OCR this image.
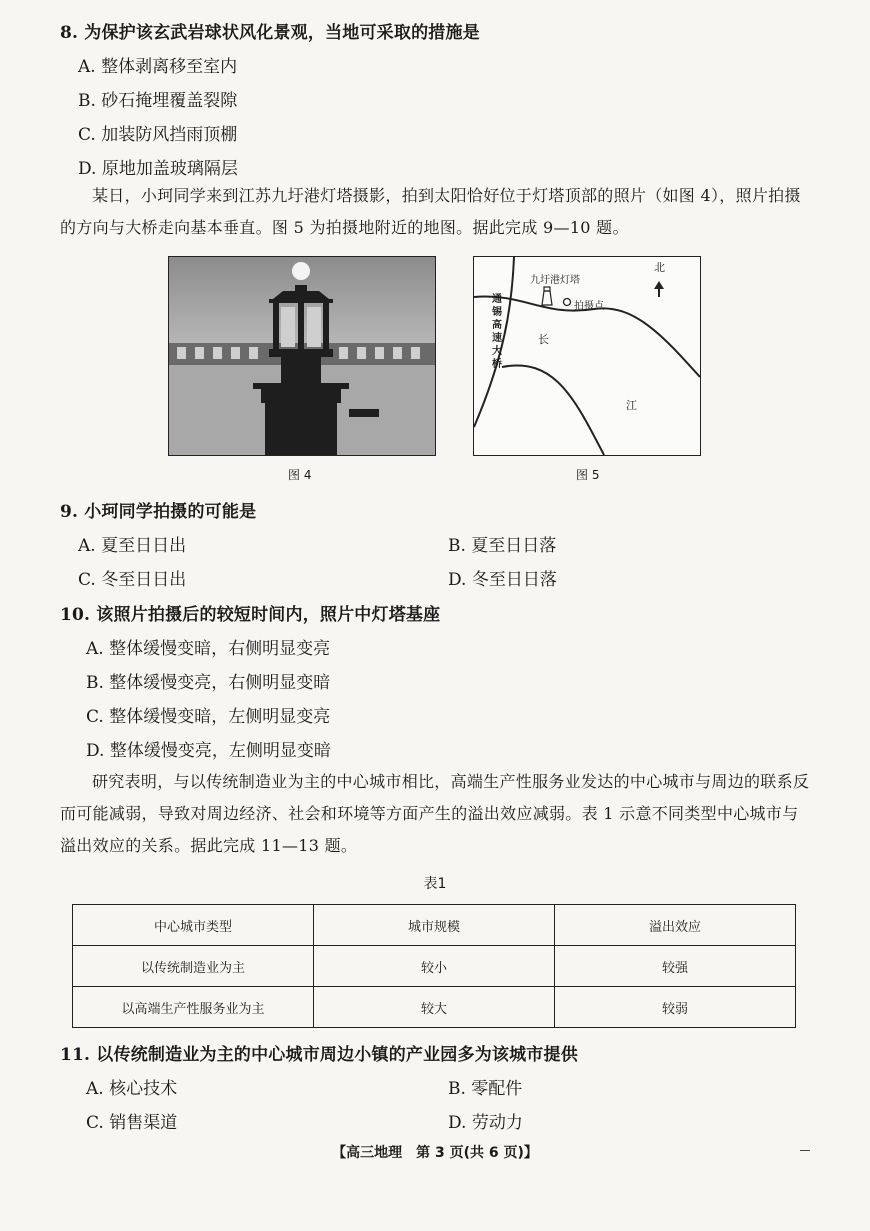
8. 为保护该玄武岩球状风化景观，当地可采取的措施是
A. 整体剥离移至室内
B. 砂石掩埋覆盖裂隙
C. 加装防风挡雨顶棚
D. 原地加盖玻璃隔层
某日，小珂同学来到江苏九圩港灯塔摄影，拍到太阳恰好位于灯塔顶部的照片（如图 4），照片拍摄的方向与大桥走向基本垂直。图 5 为拍摄地附近的地图。据此完成 9—10 题。
图 4
北
九圩港灯塔
拍摄点
通
锡
高
速
大
桥
长
江
图 5
9. 小珂同学拍摄的可能是
A. 夏至日日出	B. 夏至日日落
C. 冬至日日出	D. 冬至日日落
10. 该照片拍摄后的较短时间内，照片中灯塔基座
A. 整体缓慢变暗，右侧明显变亮
B. 整体缓慢变亮，右侧明显变暗
C. 整体缓慢变暗，左侧明显变亮
D. 整体缓慢变亮，左侧明显变暗
研究表明，与以传统制造业为主的中心城市相比，高端生产性服务业发达的中心城市与周边的联系反而可能减弱，导致对周边经济、社会和环境等方面产生的溢出效应减弱。表 1 示意不同类型中心城市与溢出效应的关系。据此完成 11—13 题。
表1
中心城市类型	城市规模	溢出效应
以传统制造业为主	较小	较强
以高端生产性服务业为主	较大	较弱
11. 以传统制造业为主的中心城市周边小镇的产业园多为该城市提供
A. 核心技术	B. 零配件
C. 销售渠道	D. 劳动力
【高三地理　第 3 页(共 6 页)】
